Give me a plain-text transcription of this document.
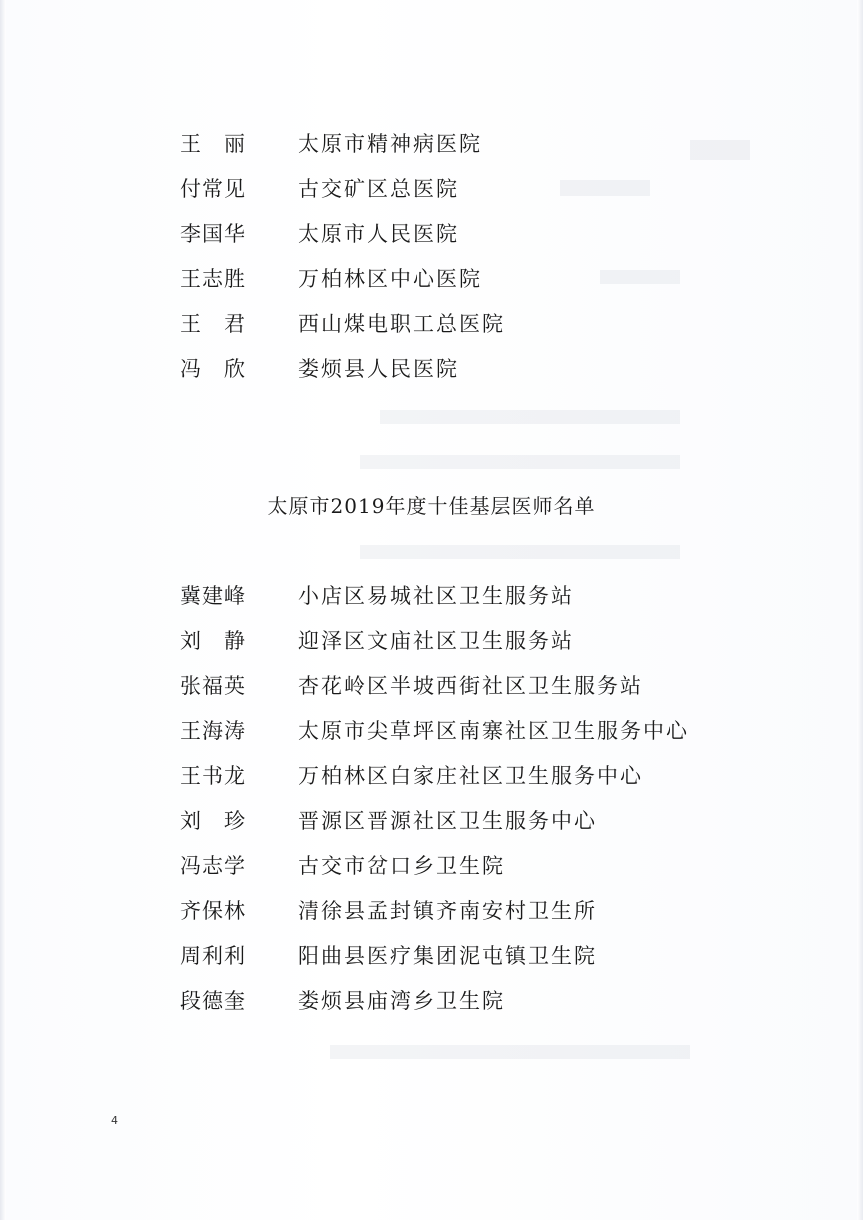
王　丽	太原市精神病医院
付常见	古交矿区总医院
李国华	太原市人民医院
王志胜	万柏林区中心医院
王　君	西山煤电职工总医院
冯　欣	娄烦县人民医院
太原市2019年度十佳基层医师名单
冀建峰	小店区易城社区卫生服务站
刘　静	迎泽区文庙社区卫生服务站
张福英	杏花岭区半坡西街社区卫生服务站
王海涛	太原市尖草坪区南寨社区卫生服务中心
王书龙	万柏林区白家庄社区卫生服务中心
刘　珍	晋源区晋源社区卫生服务中心
冯志学	古交市岔口乡卫生院
齐保林	清徐县孟封镇齐南安村卫生所
周利利	阳曲县医疗集团泥屯镇卫生院
段德奎	娄烦县庙湾乡卫生院
4
